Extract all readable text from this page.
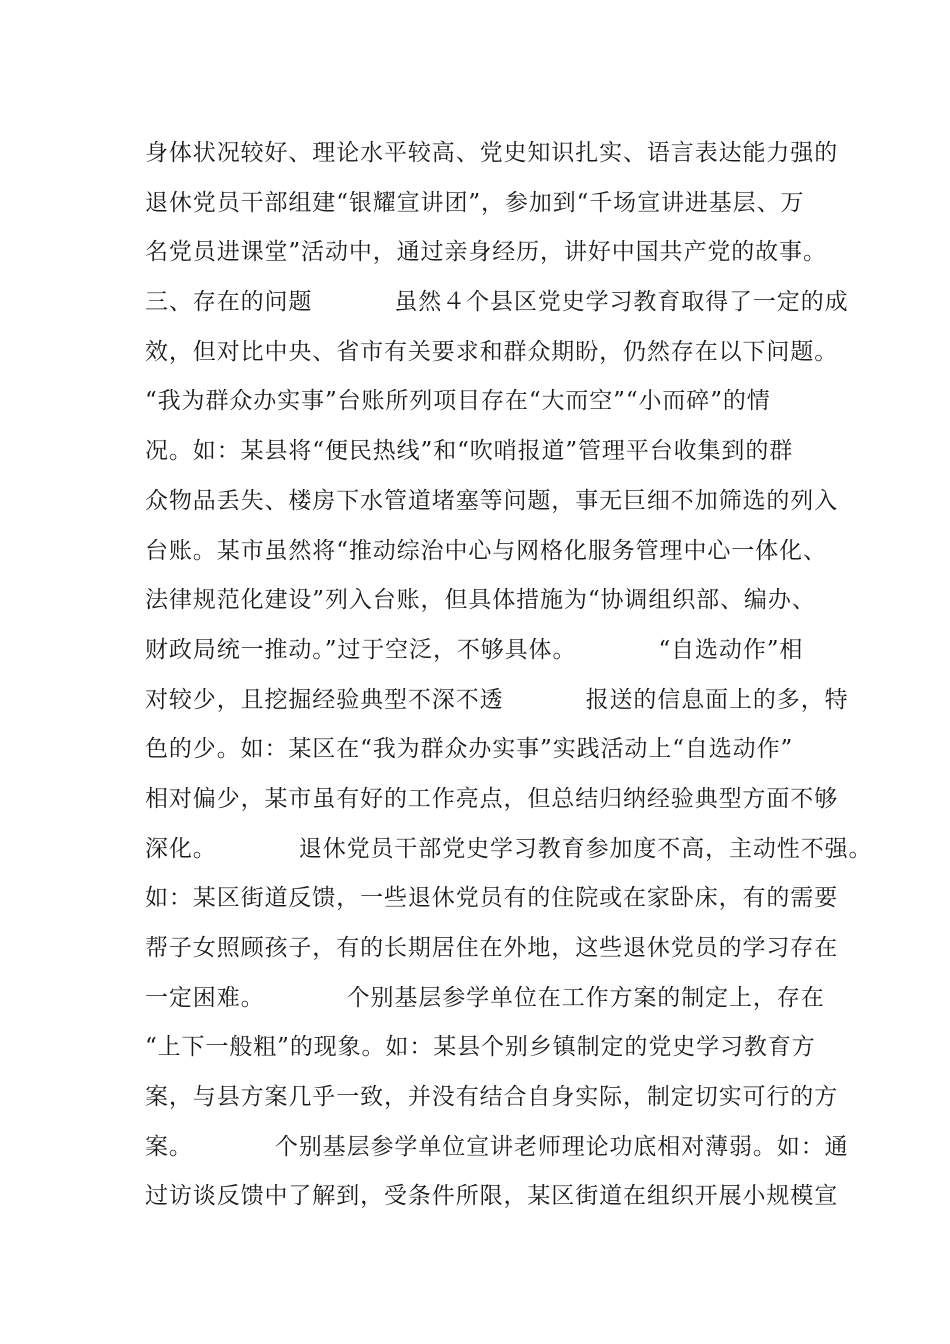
身体状况较好、理论水平较高、党史知识扎实、语言表达能力强的
退休党员干部组建“银耀宣讲团”，参加到“千场宣讲进基层、万
名党员进课堂”活动中，通过亲身经历，讲好中国共产党的故事。
三、存在的问题          虽然４个县区党史学习教育取得了一定的成
效，但对比中央、省市有关要求和群众期盼，仍然存在以下问题。
“我为群众办实事”台账所列项目存在“大而空”“小而碎”的情
况。如：某县将“便民热线”和“吹哨报道”管理平台收集到的群
众物品丢失、楼房下水管道堵塞等问题，事无巨细不加筛选的列入
台账。某市虽然将“推动综治中心与网格化服务管理中心一体化、
法律规范化建设”列入台账，但具体措施为“协调组织部、编办、
财政局统一推动。”过于空泛，不够具体。          “自选动作”相
对较少，且挖掘经验典型不深不透          报送的信息面上的多，特
色的少。如：某区在“我为群众办实事”实践活动上“自选动作”
相对偏少，某市虽有好的工作亮点，但总结归纳经验典型方面不够
深化。          退休党员干部党史学习教育参加度不高，主动性不强。
如：某区街道反馈，一些退休党员有的住院或在家卧床，有的需要
帮子女照顾孩子，有的长期居住在外地，这些退休党员的学习存在
一定困难。          个别基层参学单位在工作方案的制定上，存在
“上下一般粗”的现象。如：某县个别乡镇制定的党史学习教育方
案，与县方案几乎一致，并没有结合自身实际，制定切实可行的方
案。          个别基层参学单位宣讲老师理论功底相对薄弱。如：通
过访谈反馈中了解到，受条件所限，某区街道在组织开展小规模宣
